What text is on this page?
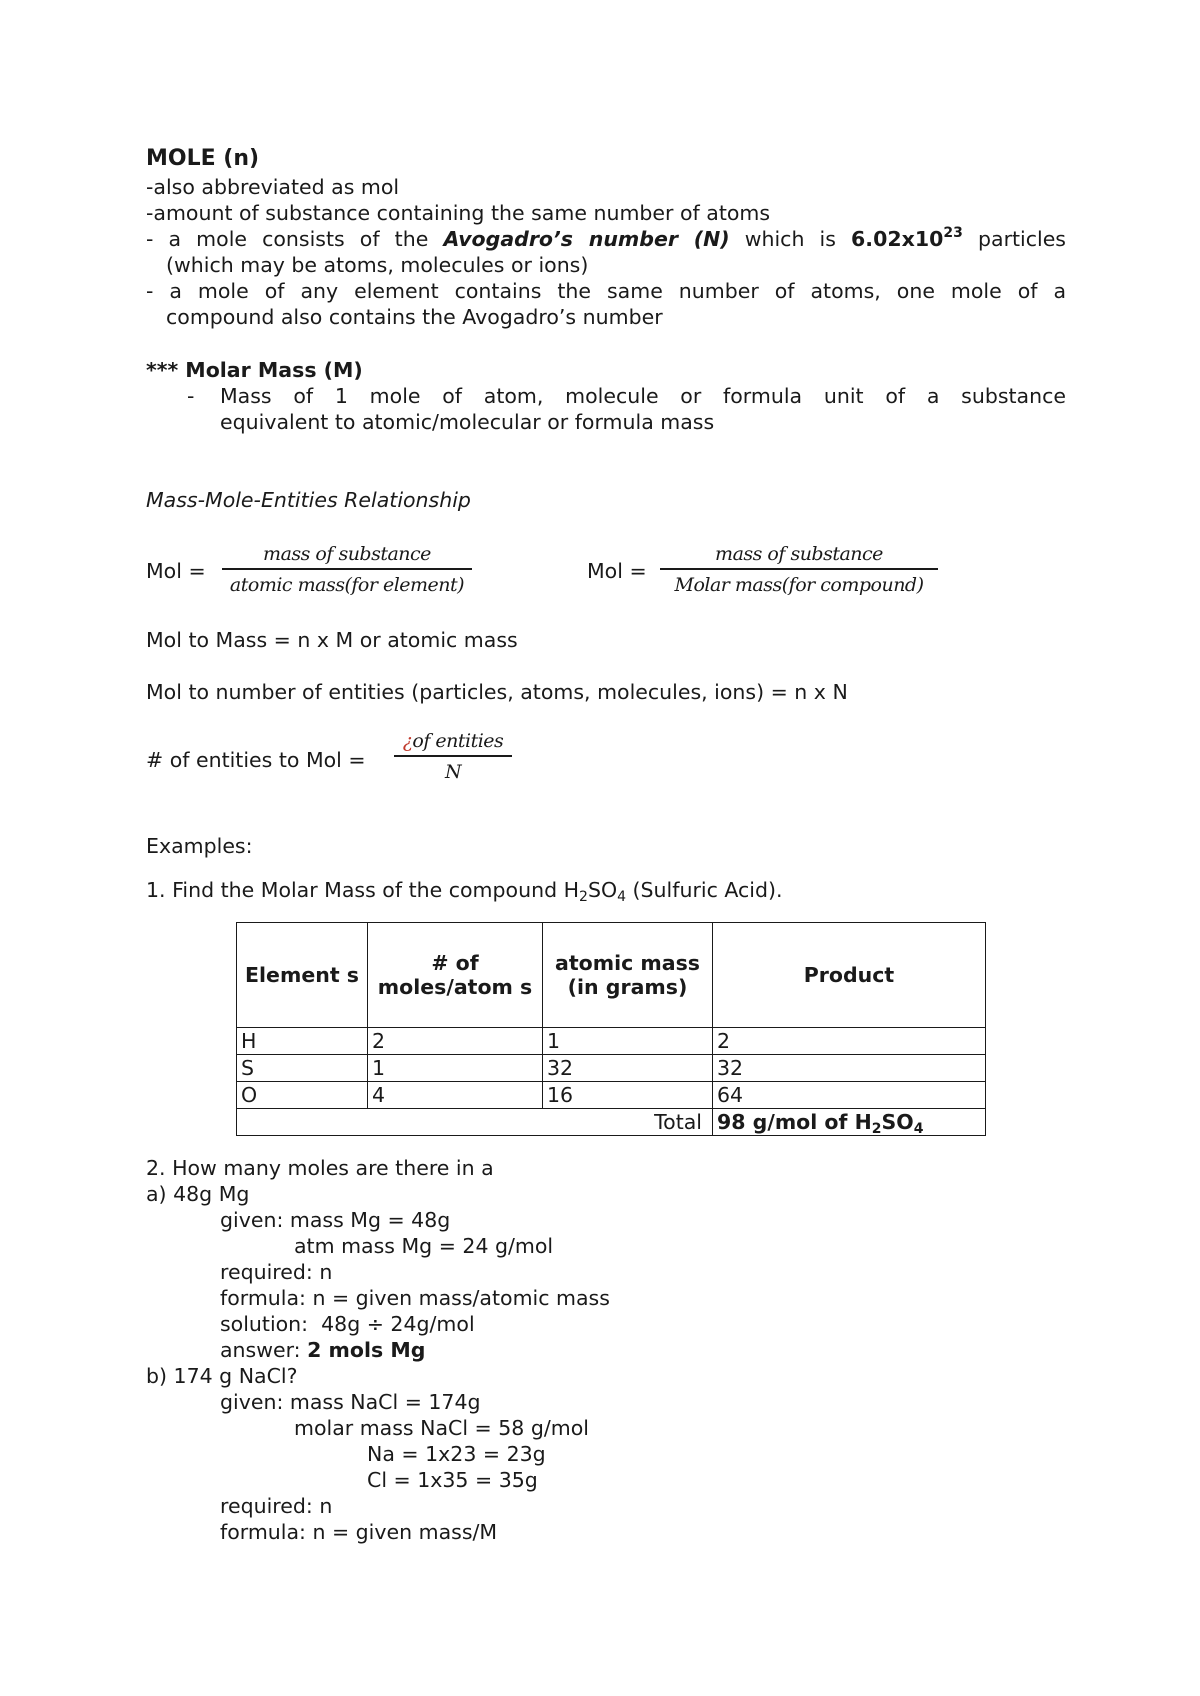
MOLE (n)
-also abbreviated as mol
-amount of substance containing the same number of atoms
- a mole consists of the Avogadro’s number (N) which is $6.02x10^{23}$ particles
(which may be atoms, molecules or ions)
- a mole of any element contains the same number of atoms, one mole of a
compound also contains the Avogadro’s number
*** Molar Mass (M)
- Mass of 1 mole of atom, molecule or formula unit of a substance
equivalent to atomic/molecular or formula mass
Mass-Mole-Entities Relationship
Mol =
mass of substance
atomic mass(for element)
Mol =
mass of substance
Molar mass(for compound)
Mol to Mass = n x M or atomic mass
Mol to number of entities (particles, atoms, molecules, ions) = n x N
# of entities to Mol =
¿of entities
N
Examples:
1. Find the Molar Mass of the compound $H_2SO_4$ (Sulfuric Acid).
Element s	# of moles/atom s	atomic mass (in grams)	Product
H	2	1	2
S	1	32	32
O	4	16	64
Total			98 g/mol of $H_2SO_4$
2. How many moles are there in a
a) 48g Mg
given: mass Mg = 48g
atm mass Mg = 24 g/mol
required: n
formula: n = given mass/atomic mass
solution:  48g ÷ 24g/mol
answer: 2 mols Mg
b) 174 g NaCl?
given: mass NaCl = 174g
molar mass NaCl = 58 g/mol
Na = 1x23 = 23g
Cl = 1x35 = 35g
required: n
formula: n = given mass/M
